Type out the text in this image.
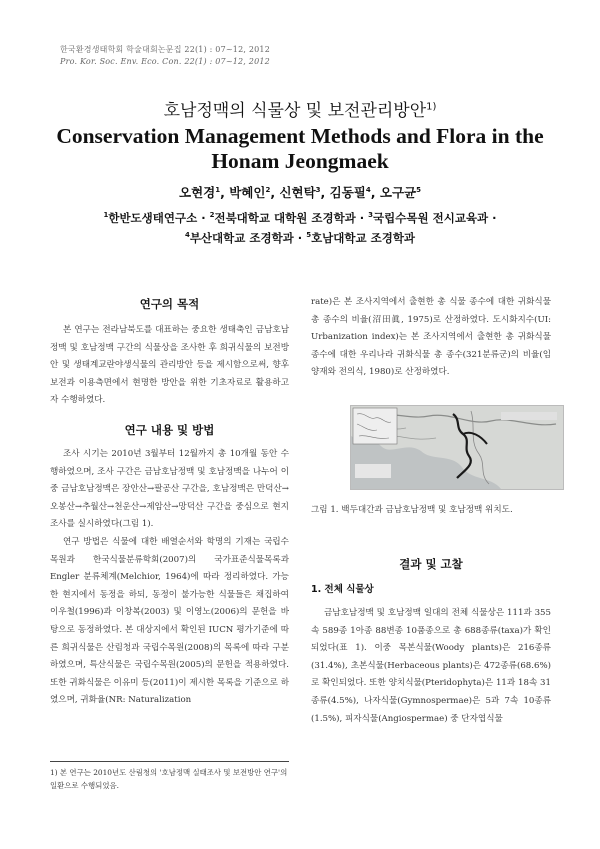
한국환경생태학회 학술대회논문집 22(1) : 07~12, 2012
Pro. Kor. Soc. Env. Eco. Con. 22(1) : 07~12, 2012
호남정맥의 식물상 및 보전관리방안$^{1)}$
Conservation Management Methods and Flora in the Honam Jeongmaek
오현경$^1$, 박혜인$^2$, 신현탁$^3$, 김동필$^4$, 오구균$^5$
$^1$한반도생태연구소 · $^2$전북대학교 대학원 조경학과 · $^3$국립수목원 전시교육과 ·
$^4$부산대학교 조경학과 · $^5$호남대학교 조경학과
연구의 목적

본 연구는 전라남북도를 대표하는 중요한 생태축인 금남호남정맥 및 호남정맥 구간의 식물상을 조사한 후 희귀식물의 보전방안 및 생태계교란야생식물의 관리방안 등을 제시함으로써, 향후 보전과 이용측면에서 현명한 방안을 위한 기초자료로 활용하고자 수행하였다.

연구 내용 및 방법

조사 시기는 2010년 3월부터 12월까지 총 10개월 동안 수행하였으며, 조사 구간은 금남호남정맥 및 호남정맥을 나누어 이중 금남호남정맥은 장안산→팔공산 구간을, 호남정맥은 만덕산→오봉산→추월산→천운산→제암산→망덕산 구간을 중심으로 현지조사를 실시하였다(그림 1).

연구 방법은 식물에 대한 배열순서와 학명의 기재는 국립수목원과 한국식물분류학회(2007)의 국가표준식물목록과 Engler 분류체계(Melchior, 1964)에 따라 정리하였다. 가능한 현지에서 동정을 하되, 동정이 불가능한 식물들은 채집하여 이우철(1996)과 이창복(2003) 및 이영노(2006)의 문헌을 바탕으로 동정하였다. 본 대상지에서 확인된 IUCN 평가기준에 따른 희귀식물은 산림청과 국립수목원(2008)의 목록에 따라 구분하였으며, 특산식물은 국립수목원(2005)의 문헌을 적용하였다. 또한 귀화식물은 이유미 등(2011)이 제시한 목록을 기준으로 하였으며, 귀화율(NR: Naturalization

1) 본 연구는 2010년도 산림청의 '호남정맥 실태조사 및 보전방안 연구'의 일환으로 수행되었음.

rate)은 본 조사지역에서 출현한 총 식물 종수에 대한 귀화식물 총 종수의 비율(沼田眞, 1975)로 산정하였다. 도시화지수(UI: Urbanization index)는 본 조사지역에서 출현한 총 귀화식물 종수에 대한 우리나라 귀화식물 총 종수(321분류군)의 비율(임양재와 전의식, 1980)로 산정하였다.

그림 1. 백두대간과 금남호남정맥 및 호남정맥 위치도.
결과 및 고찰
1. 전체 식물상

금남호남정맥 및 호남정맥 일대의 전체 식물상은 111과 355속 589종 1아종 88변종 10품종으로 총 688종류(taxa)가 확인되었다(표 1). 이중 목본식물(Woody plants)은 216종류(31.4%), 초본식물(Herbaceous plants)은 472종류(68.6%)로 확인되었다. 또한 양치식물(Pteridophyta)은 11과 18속 31종류(4.5%), 나자식물(Gymnospermae)은 5과 7속 10종류(1.5%), 피자식물(Angiospermae) 중 단자엽식물
